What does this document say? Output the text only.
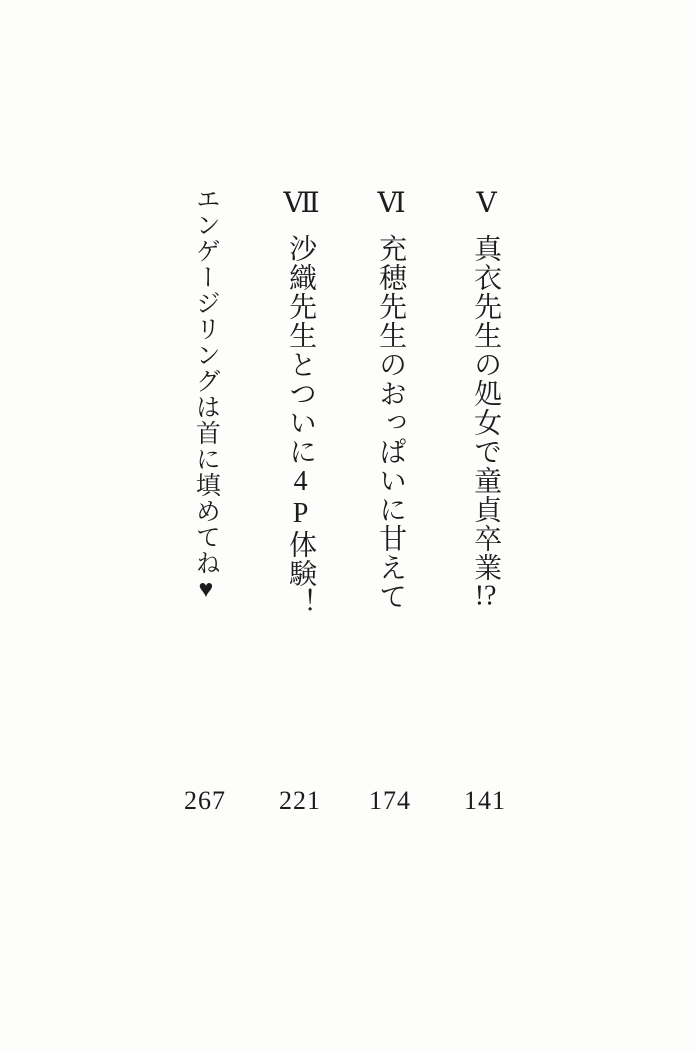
Ⅴ真衣先生の処女で童貞卒業!?
141
Ⅵ充穂先生のおっぱいに甘えて
174
Ⅶ沙織先生とついに4P体験！
221
エンゲージリングは首に填めてね♥
267
